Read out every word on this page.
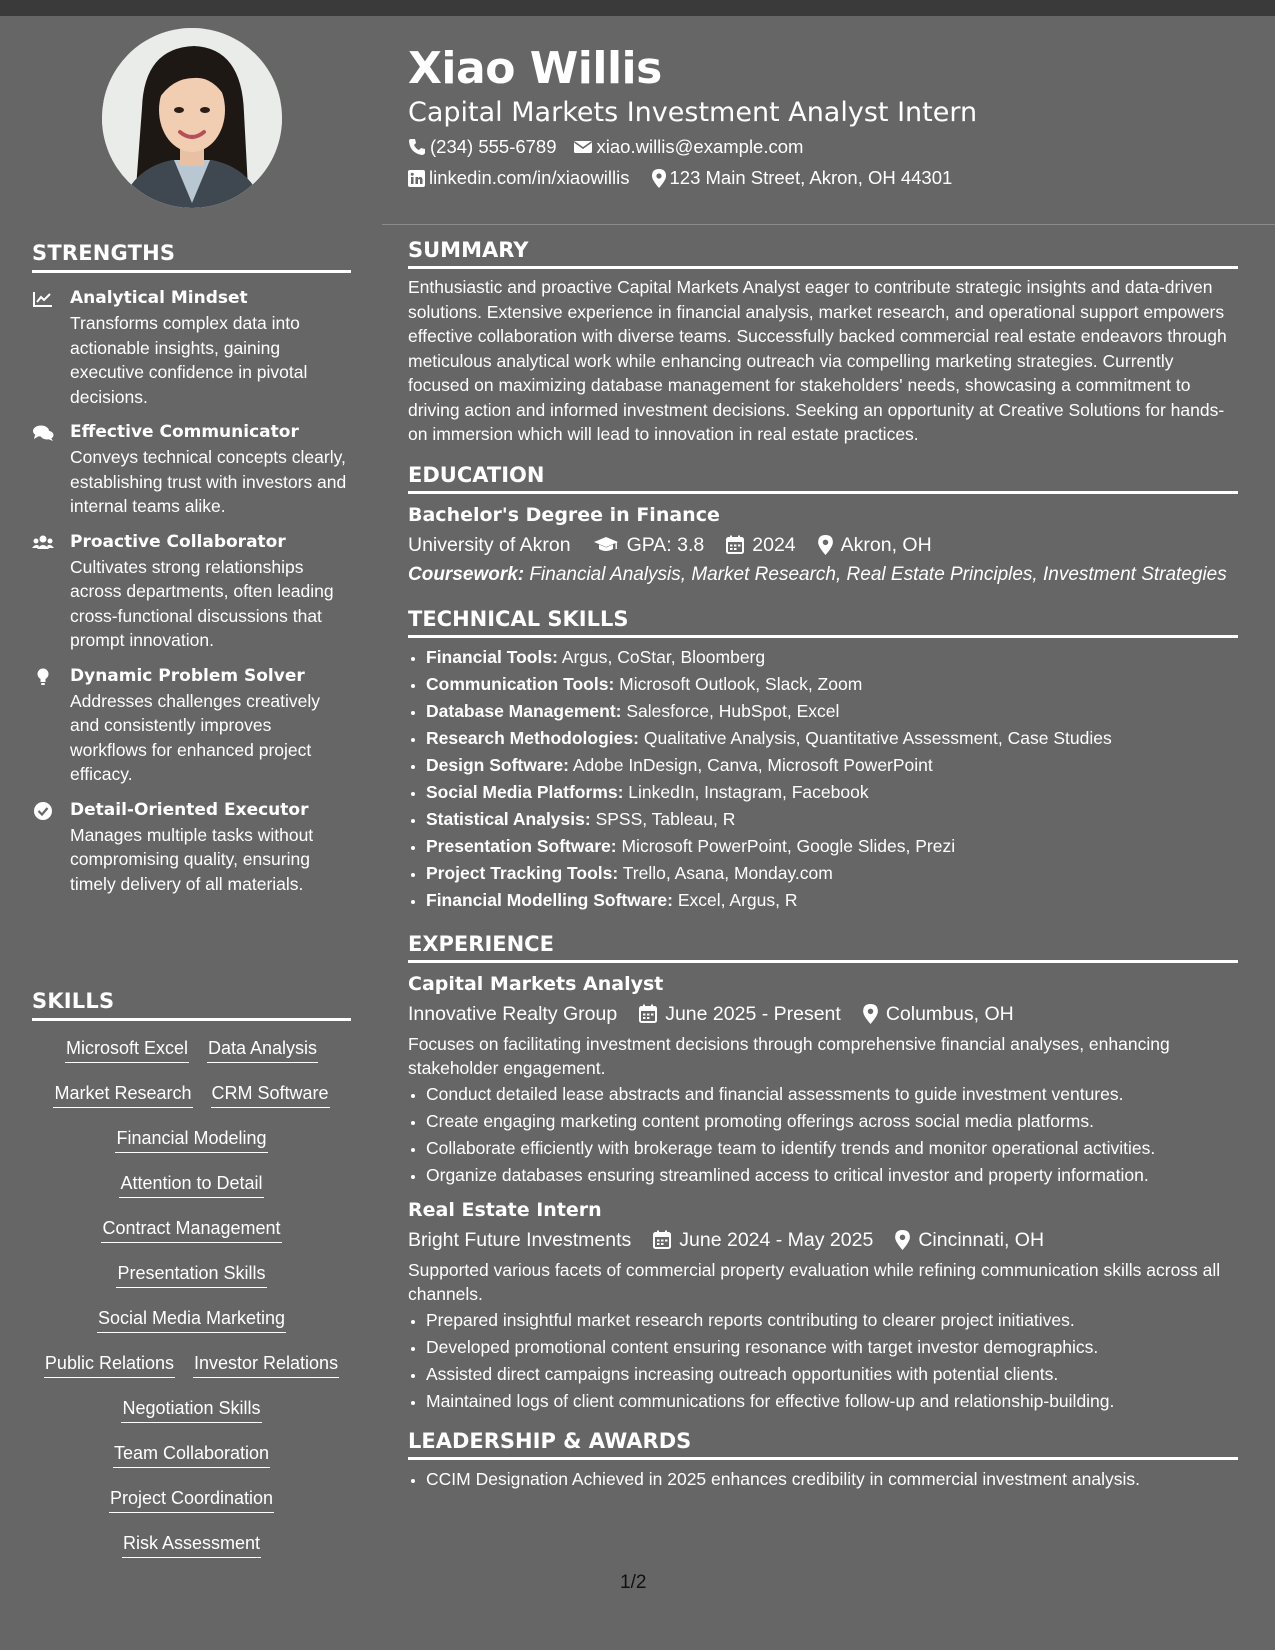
STRENGTHS
Analytical Mindset
Transforms complex data into actionable insights, gaining executive confidence in pivotal decisions.
Effective Communicator
Conveys technical concepts clearly, establishing trust with investors and internal teams alike.
Proactive Collaborator
Cultivates strong relationships across departments, often leading cross-functional discussions that prompt innovation.
Dynamic Problem Solver
Addresses challenges creatively and consistently improves workflows for enhanced project efficacy.
Detail-Oriented Executor
Manages multiple tasks without compromising quality, ensuring timely delivery of all materials.
SKILLS
Microsoft Excel Data Analysis
Market Research CRM Software
Financial Modeling
Attention to Detail
Contract Management
Presentation Skills
Social Media Marketing
Public Relations Investor Relations
Negotiation Skills
Team Collaboration
Project Coordination
Risk Assessment
Xiao Willis
Capital Markets Investment Analyst Intern
(234) 555-6789 xiao.willis@example.com
linkedin.com/in/xiaowillis 123 Main Street, Akron, OH 44301
SUMMARY
Enthusiastic and proactive Capital Markets Analyst eager to contribute strategic insights and data-driven solutions. Extensive experience in financial analysis, market research, and operational support empowers effective collaboration with diverse teams. Successfully backed commercial real estate endeavors through meticulous analytical work while enhancing outreach via compelling marketing strategies. Currently focused on maximizing database management for stakeholders' needs, showcasing a commitment to driving action and informed investment decisions. Seeking an opportunity at Creative Solutions for hands-on immersion which will lead to innovation in real estate practices.
EDUCATION
Bachelor's Degree in Finance
University of Akron	GPA: 3.8 2024 Akron, OH
Coursework: Financial Analysis, Market Research, Real Estate Principles, Investment Strategies
TECHNICAL SKILLS
• Financial Tools: Argus, CoStar, Bloomberg
• Communication Tools: Microsoft Outlook, Slack, Zoom
• Database Management: Salesforce, HubSpot, Excel
• Research Methodologies: Qualitative Analysis, Quantitative Assessment, Case Studies
• Design Software: Adobe InDesign, Canva, Microsoft PowerPoint
• Social Media Platforms: LinkedIn, Instagram, Facebook
• Statistical Analysis: SPSS, Tableau, R
• Presentation Software: Microsoft PowerPoint, Google Slides, Prezi
• Project Tracking Tools: Trello, Asana, Monday.com
• Financial Modelling Software: Excel, Argus, R
EXPERIENCE
Capital Markets Analyst
Innovative Realty Group June 2025 - Present Columbus, OH
Focuses on facilitating investment decisions through comprehensive financial analyses, enhancing stakeholder engagement.
• Conduct detailed lease abstracts and financial assessments to guide investment ventures.
• Create engaging marketing content promoting offerings across social media platforms.
• Collaborate efficiently with brokerage team to identify trends and monitor operational activities.
• Organize databases ensuring streamlined access to critical investor and property information.
Real Estate Intern
Bright Future Investments June 2024 - May 2025 Cincinnati, OH
Supported various facets of commercial property evaluation while refining communication skills across all channels.
• Prepared insightful market research reports contributing to clearer project initiatives.
• Developed promotional content ensuring resonance with target investor demographics.
• Assisted direct campaigns increasing outreach opportunities with potential clients.
• Maintained logs of client communications for effective follow-up and relationship-building.
LEADERSHIP & AWARDS
• CCIM Designation Achieved in 2025 enhances credibility in commercial investment analysis.
1/2
